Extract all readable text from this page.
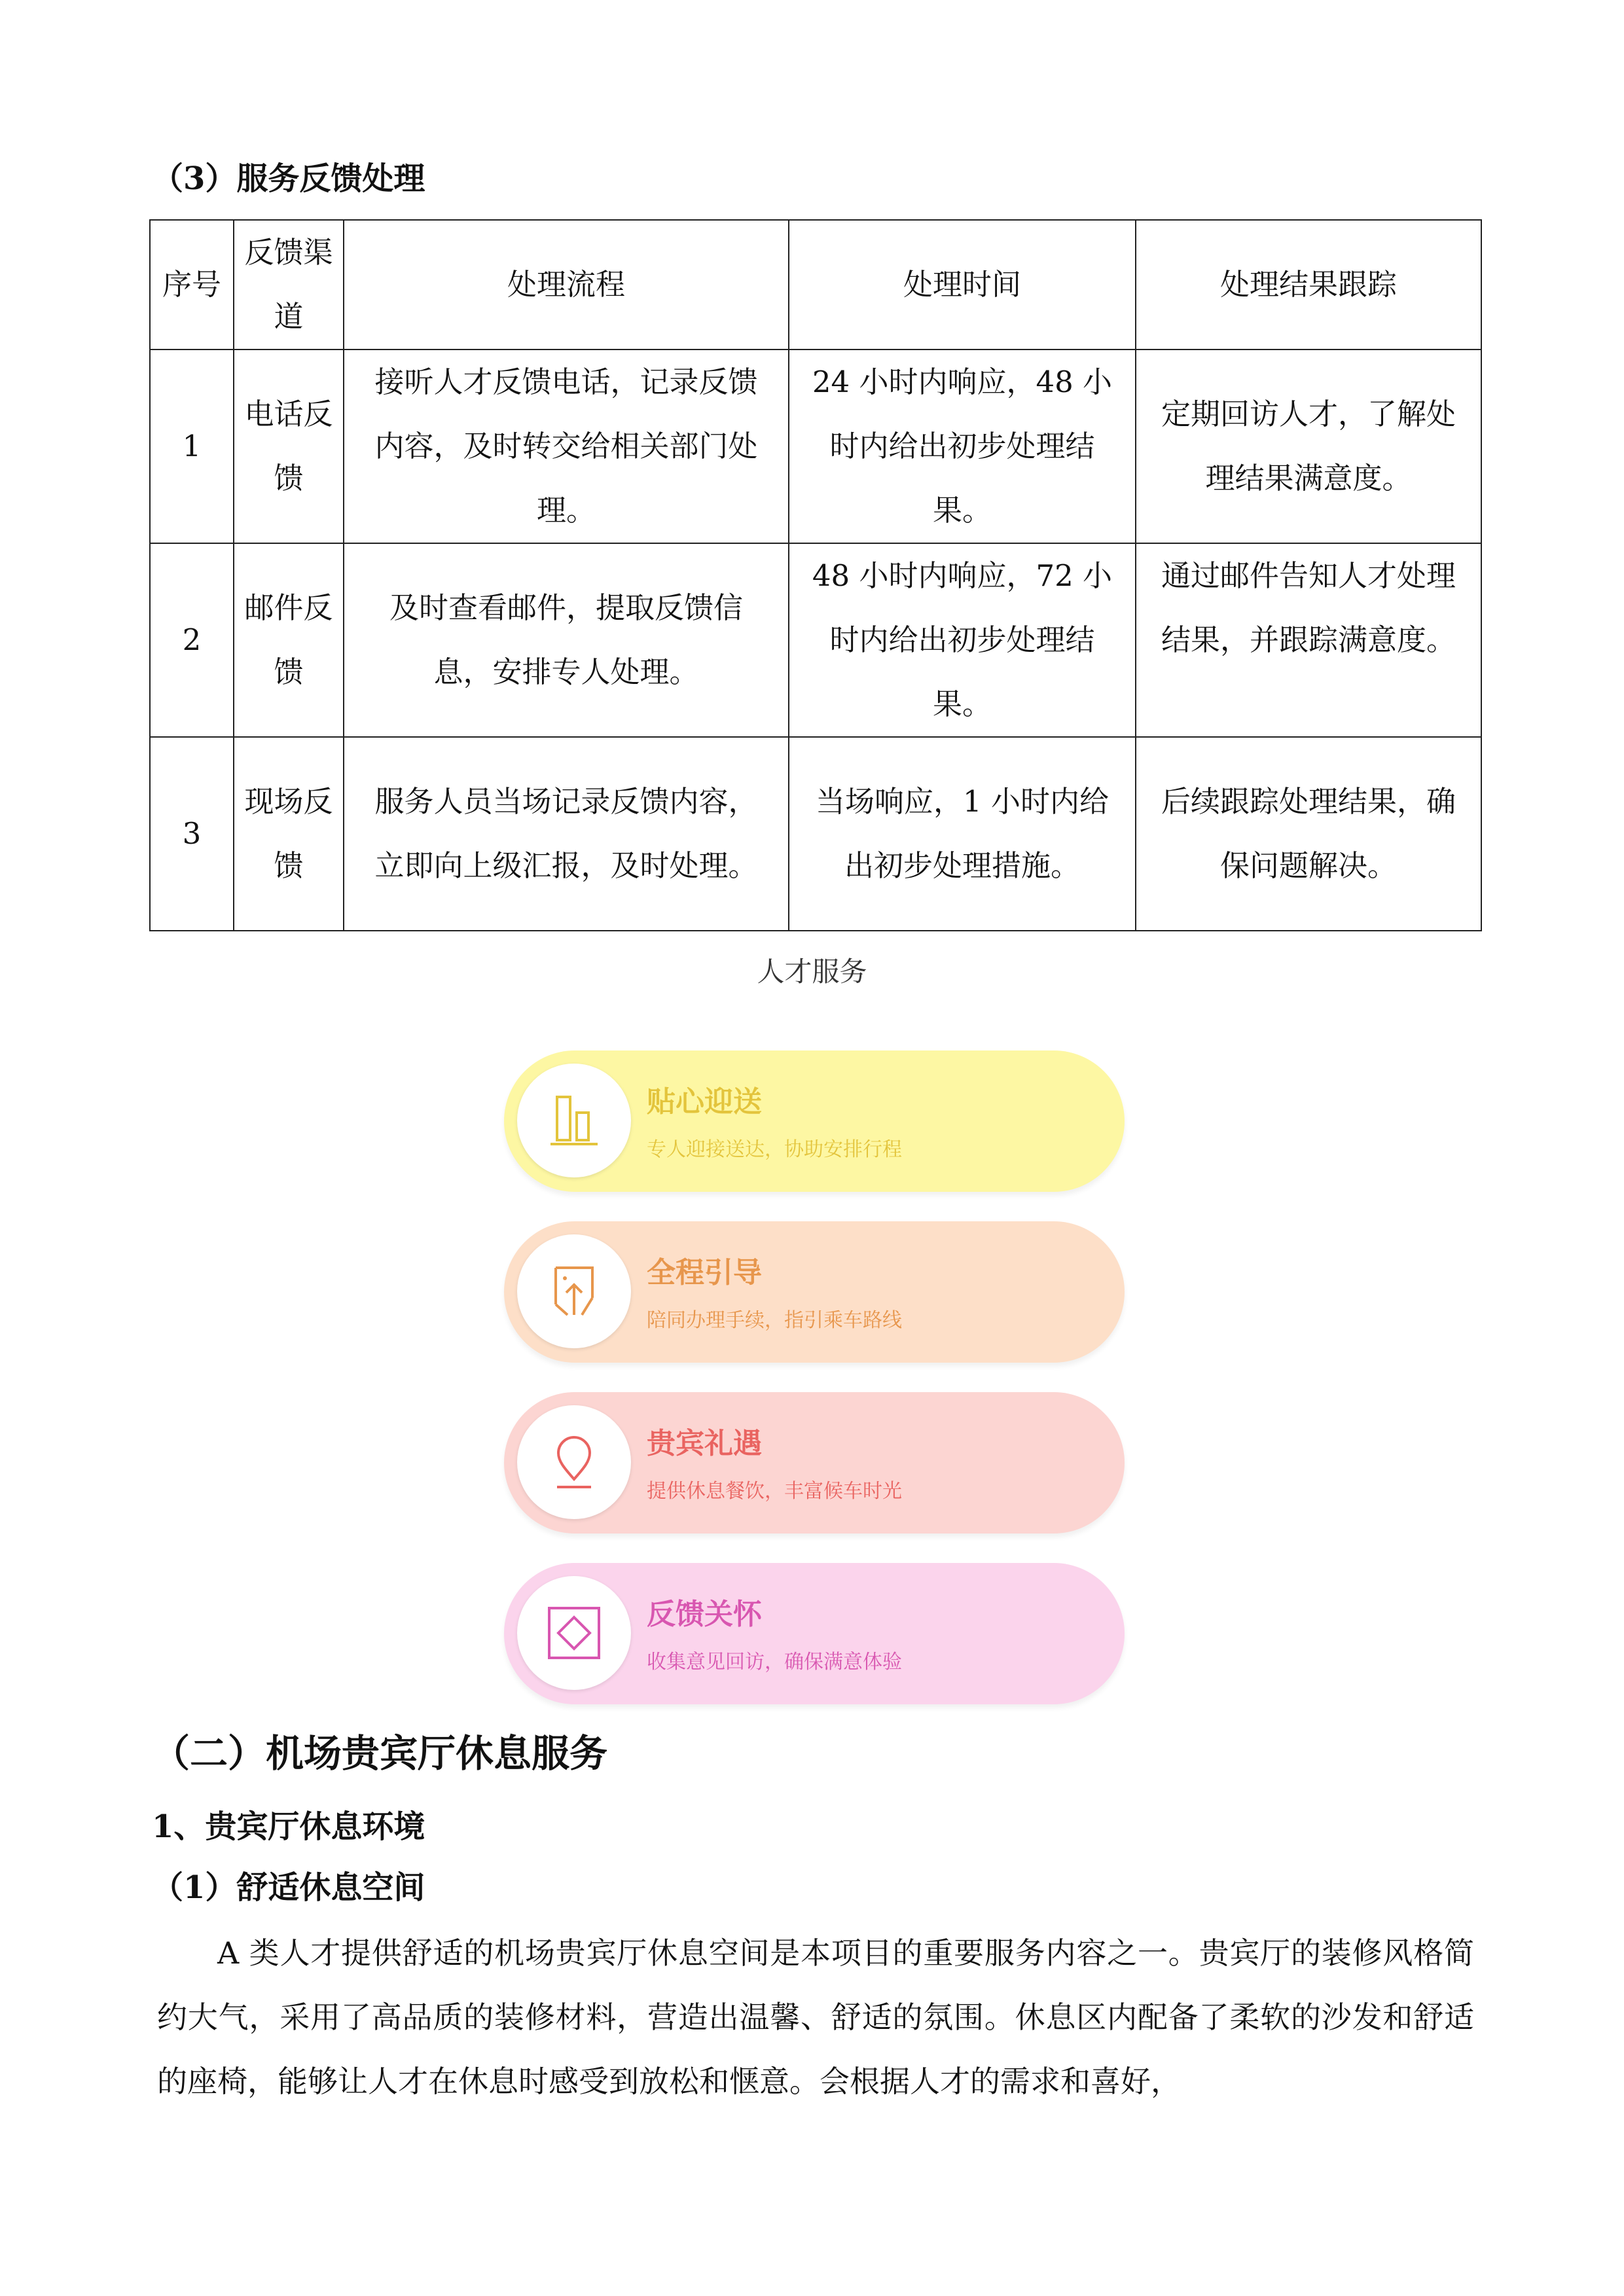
（3）服务反馈处理
序号	反馈渠道	处理流程	处理时间	处理结果跟踪
1	电话反馈	接听人才反馈电话，记录反馈内容，及时转交给相关部门处理。	24 小时内响应，48 小时内给出初步处理结果。	定期回访人才，了解处理结果满意度。
2	邮件反馈	及时查看邮件，提取反馈信息，安排专人处理。	48 小时内响应，72 小时内给出初步处理结果。	通过邮件告知人才处理结果，并跟踪满意度。
3	现场反馈	服务人员当场记录反馈内容，立即向上级汇报，及时处理。	当场响应，1 小时内给出初步处理措施。	后续跟踪处理结果，确保问题解决。
人才服务
贴心迎送
专人迎接送达，协助安排行程
全程引导
陪同办理手续，指引乘车路线
贵宾礼遇
提供休息餐饮，丰富候车时光
反馈关怀
收集意见回访，确保满意体验
（二）机场贵宾厅休息服务
1、贵宾厅休息环境
（1）舒适休息空间
A 类人才提供舒适的机场贵宾厅休息空间是本项目的重要服务内容之一。贵宾厅的装修风格简约大气，采用了高品质的装修材料，营造出温馨、舒适的氛围。休息区内配备了柔软的沙发和舒适的座椅，能够让人才在休息时感受到放松和惬意。会根据人才的需求和喜好，
